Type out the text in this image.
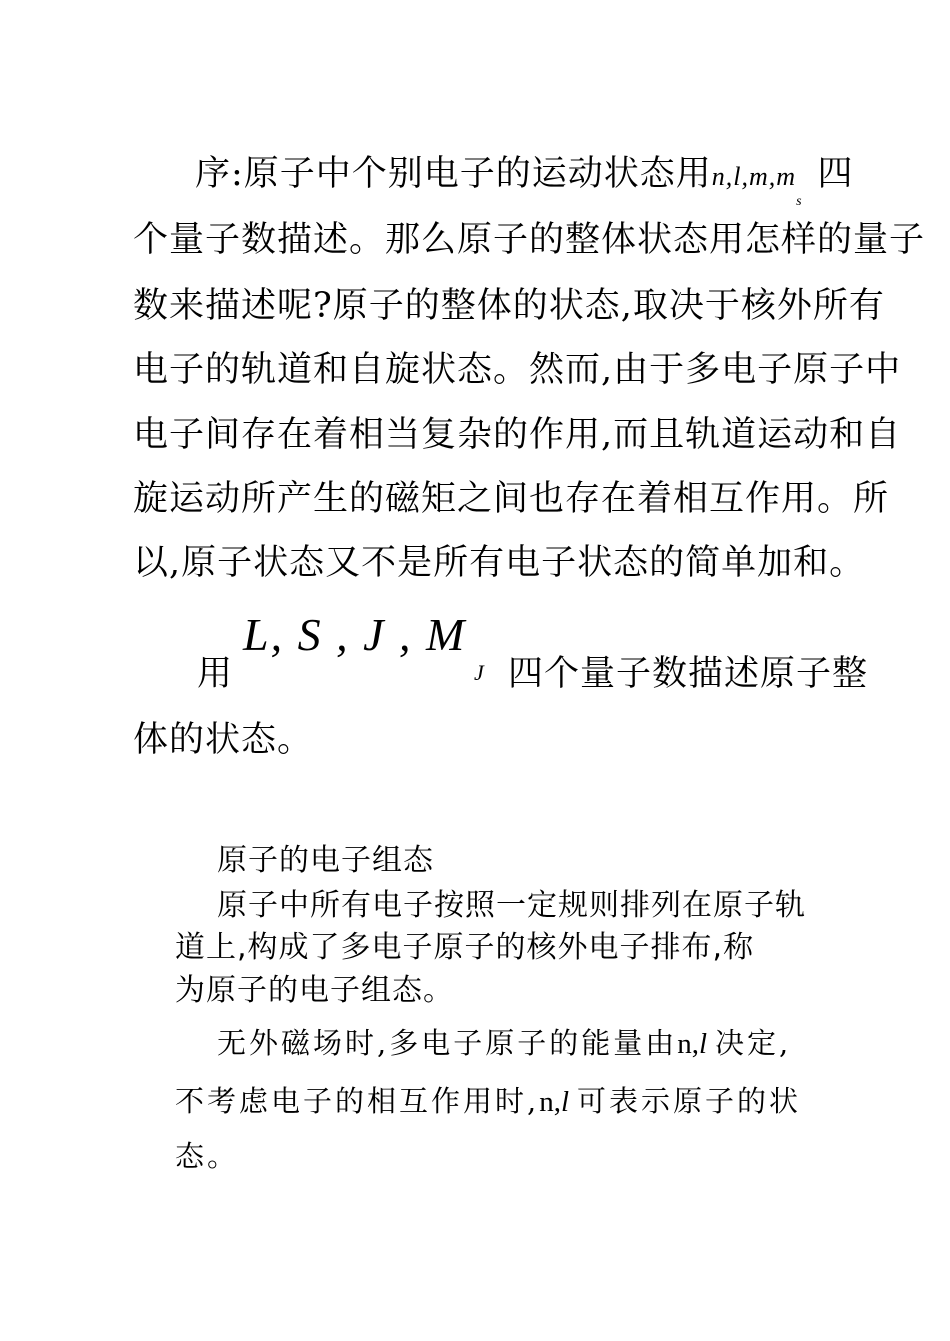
序:原子中个别电子的运动状态用$n,l,m,m_s$四
个量子数描述。那么原子的整体状态用怎样的量子
数来描述呢?原子的整体的状态,取决于核外所有
电子的轨道和自旋状态。然而,由于多电子原子中
电子间存在着相当复杂的作用,而且轨道运动和自
旋运动所产生的磁矩之间也存在着相互作用。所
以,原子状态又不是所有电子状态的简单加和。
用
L, S , J , M
J 四个量子数描述原子整
体的状态。
原子的电子组态
原子中所有电子按照一定规则排列在原子轨
道上,构成了多电子原子的核外电子排布,称
为原子的电子组态。
无外磁场时,多电子原子的能量由n,l 决定,
不考虑电子的相互作用时,n,l 可表示原子的状
态。
